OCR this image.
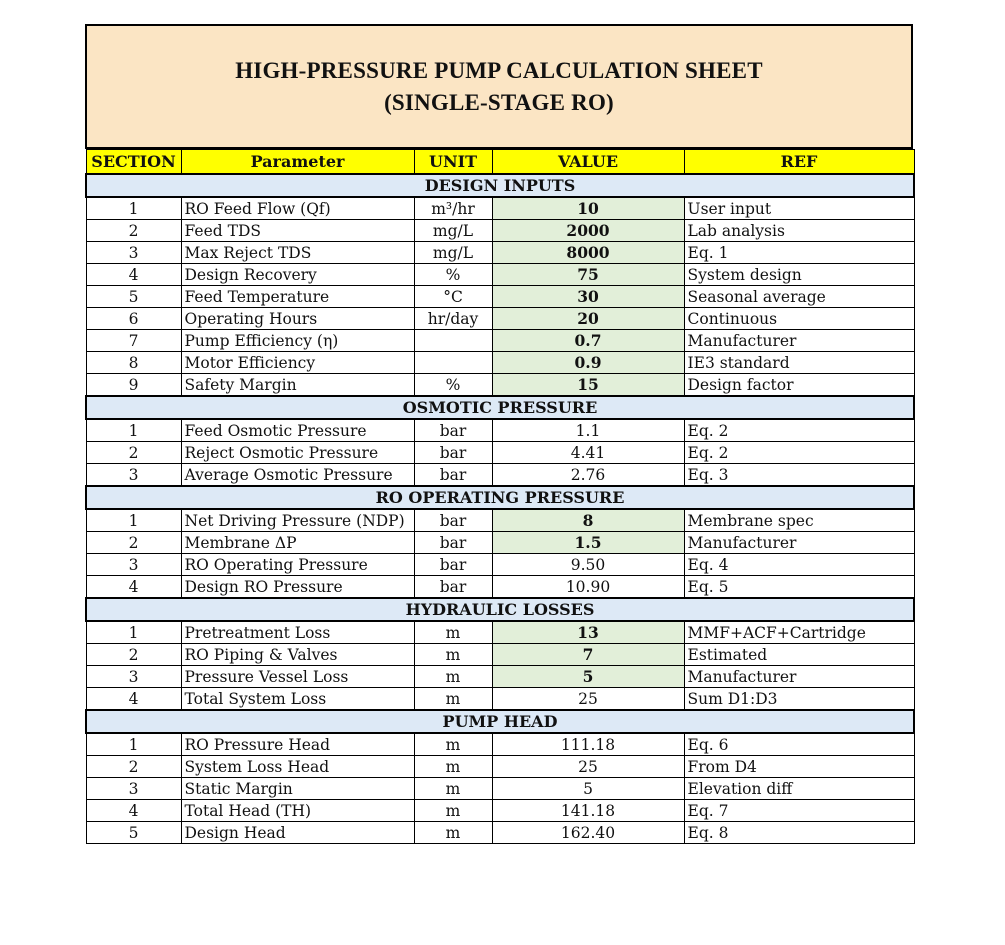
HIGH-PRESSURE PUMP CALCULATION SHEET
(SINGLE-STAGE RO)
SECTION	Parameter	UNIT	VALUE	REF
DESIGN INPUTS				
1	RO Feed Flow (Qf)	m³/hr	10	User input
2	Feed TDS	mg/L	2000	Lab analysis
3	Max Reject TDS	mg/L	8000	Eq. 1
4	Design Recovery	%	75	System design
5	Feed Temperature	°C	30	Seasonal average
6	Operating Hours	hr/day	20	Continuous
7	Pump Efficiency (η)		0.7	Manufacturer
8	Motor Efficiency		0.9	IE3 standard
9	Safety Margin	%	15	Design factor
OSMOTIC PRESSURE				
1	Feed Osmotic Pressure	bar	1.1	Eq. 2
2	Reject Osmotic Pressure	bar	4.41	Eq. 2
3	Average Osmotic Pressure	bar	2.76	Eq. 3
RO OPERATING PRESSURE				
1	Net Driving Pressure (NDP)	bar	8	Membrane spec
2	Membrane ΔP	bar	1.5	Manufacturer
3	RO Operating Pressure	bar	9.50	Eq. 4
4	Design RO Pressure	bar	10.90	Eq. 5
HYDRAULIC LOSSES				
1	Pretreatment Loss	m	13	MMF+ACF+Cartridge
2	RO Piping & Valves	m	7	Estimated
3	Pressure Vessel Loss	m	5	Manufacturer
4	Total System Loss	m	25	Sum D1:D3
PUMP HEAD				
1	RO Pressure Head	m	111.18	Eq. 6
2	System Loss Head	m	25	From D4
3	Static Margin	m	5	Elevation diff
4	Total Head (TH)	m	141.18	Eq. 7
5	Design Head	m	162.40	Eq. 8
